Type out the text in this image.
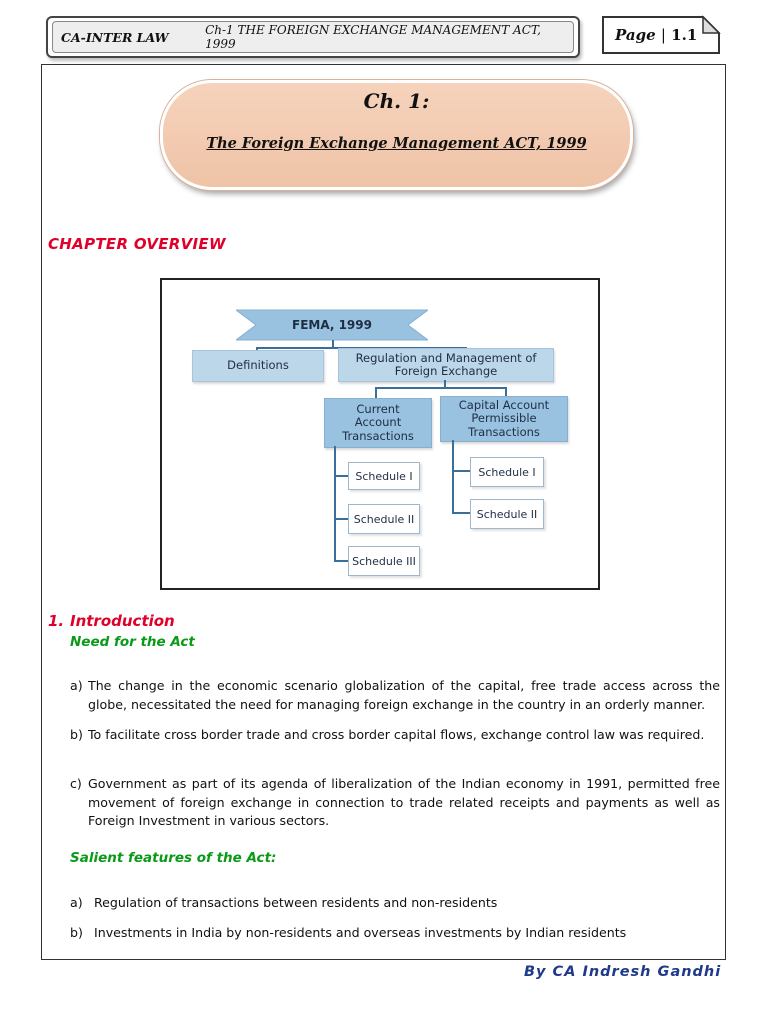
CA-INTER LAW	Ch-1 THE FOREIGN EXCHANGE MANAGEMENT ACT, 1999	Page | 1.1
Ch. 1:
The Foreign Exchange Management ACT, 1999
CHAPTER OVERVIEW
FEMA, 1999
Definitions
Regulation and Management of
Foreign Exchange
Current
Account
Transactions
Capital Account
Permissible
Transactions
Schedule I
Schedule II
Schedule III
Schedule I
Schedule II
1. Introduction
Need for the Act
a) The change in the economic scenario globalization of the capital, free trade access across the globe, necessitated the need for managing foreign exchange in the country in an orderly manner.
b) To facilitate cross border trade and cross border capital flows, exchange control law was required.
c) Government as part of its agenda of liberalization of the Indian economy in 1991, permitted free movement of foreign exchange in connection to trade related receipts and payments as well as Foreign Investment in various sectors.
Salient features of the Act:
a) Regulation of transactions between residents and non-residents
b) Investments in India by non-residents and overseas investments by Indian residents
By CA Indresh Gandhi
